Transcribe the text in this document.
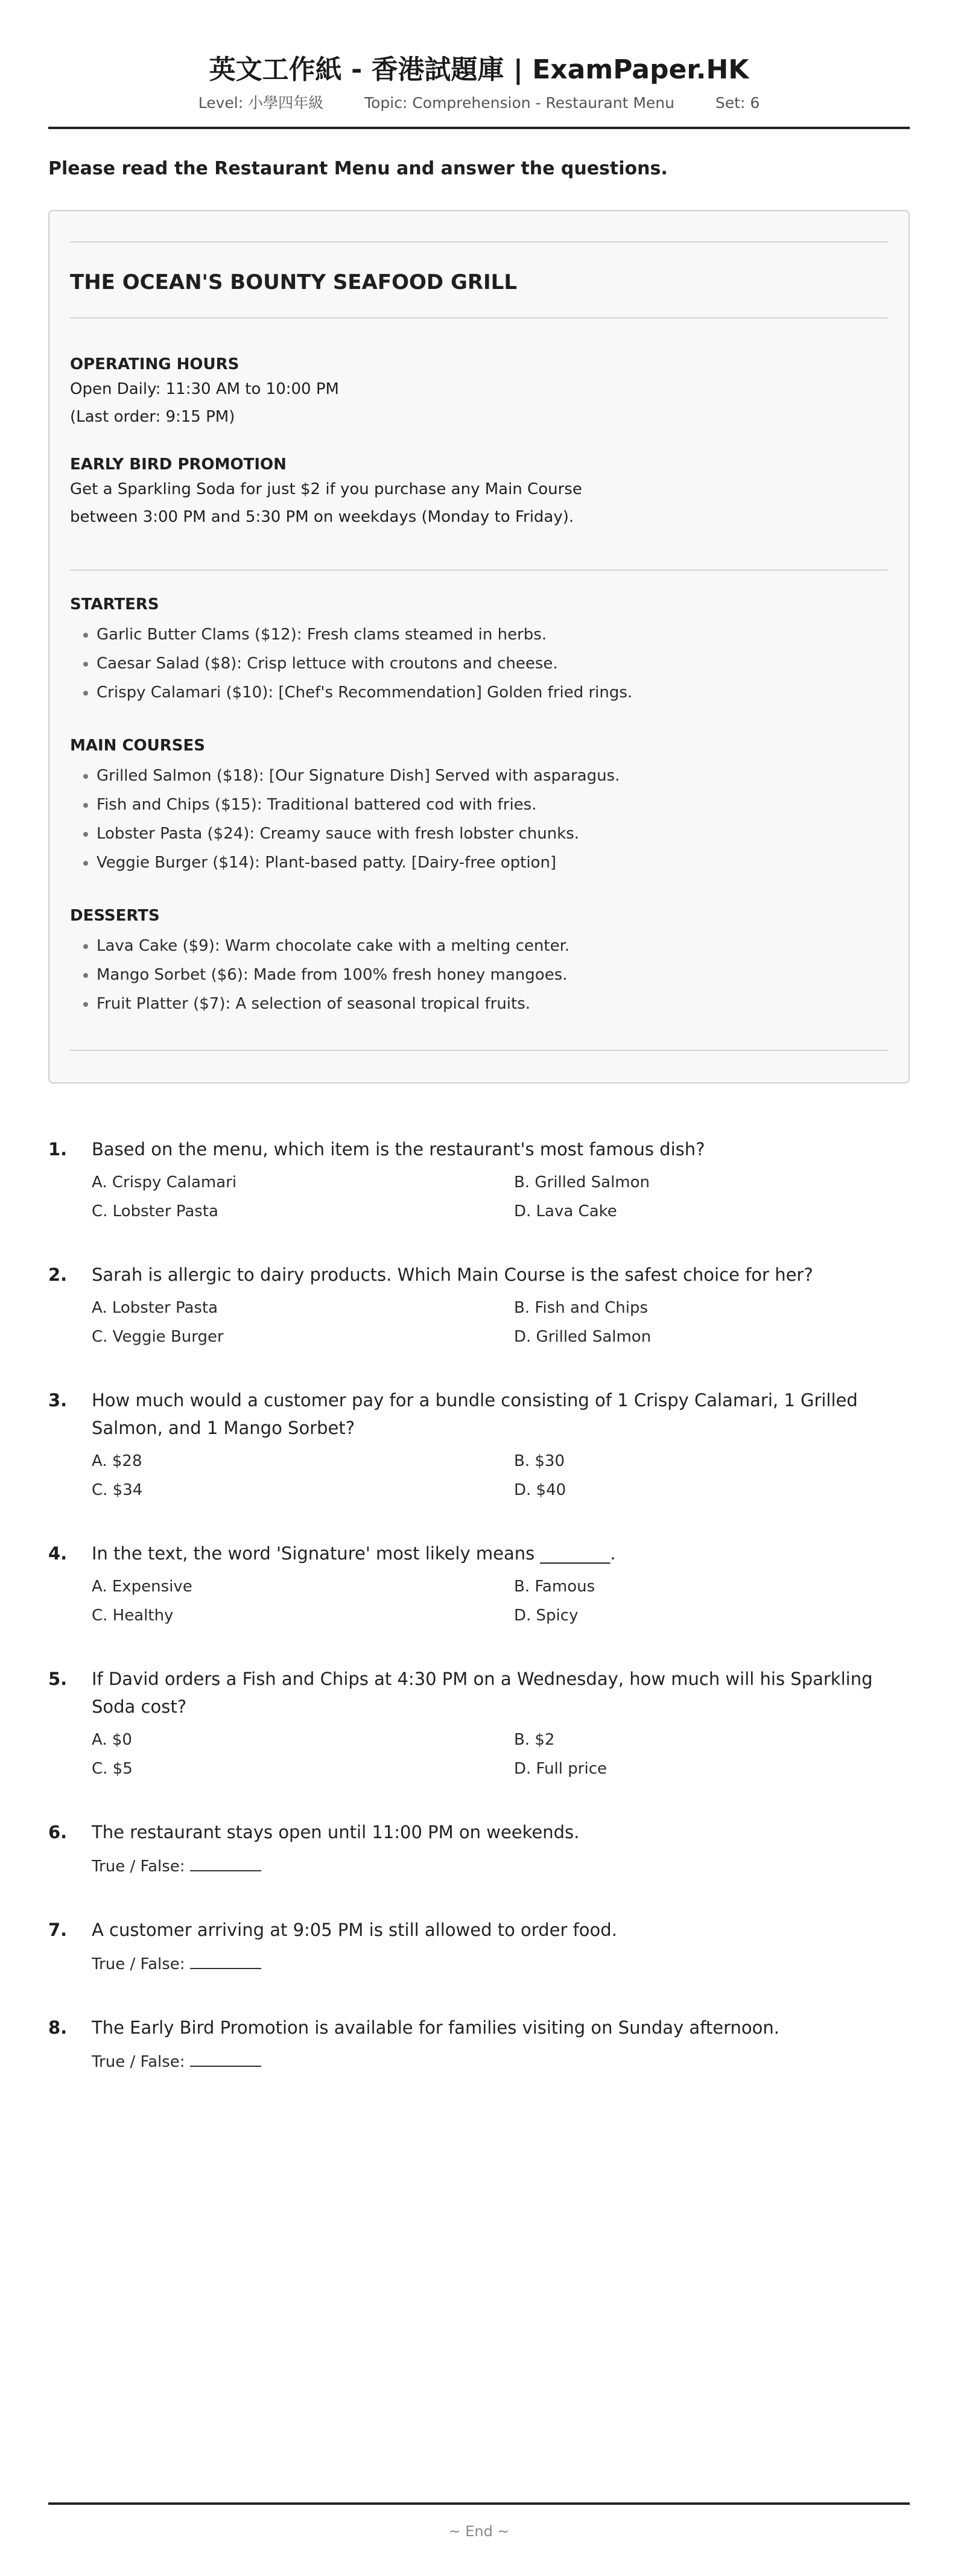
英文工作紙 - 香港試題庫 | ExamPaper.HK
Level: 小學四年級	Topic: Comprehension - Restaurant Menu	Set: 6
Please read the Restaurant Menu and answer the questions.
THE OCEAN'S BOUNTY SEAFOOD GRILL
OPERATING HOURS
Open Daily: 11:30 AM to 10:00 PM
(Last order: 9:15 PM)
EARLY BIRD PROMOTION
Get a Sparkling Soda for just $2 if you purchase any Main Course
between 3:00 PM and 5:30 PM on weekdays (Monday to Friday).
STARTERS
• Garlic Butter Clams ($12): Fresh clams steamed in herbs.
• Caesar Salad ($8): Crisp lettuce with croutons and cheese.
• Crispy Calamari ($10): [Chef's Recommendation] Golden fried rings.
MAIN COURSES
• Grilled Salmon ($18): [Our Signature Dish] Served with asparagus.
• Fish and Chips ($15): Traditional battered cod with fries.
• Lobster Pasta ($24): Creamy sauce with fresh lobster chunks.
• Veggie Burger ($14): Plant-based patty. [Dairy-free option]
DESSERTS
• Lava Cake ($9): Warm chocolate cake with a melting center.
• Mango Sorbet ($6): Made from 100% fresh honey mangoes.
• Fruit Platter ($7): A selection of seasonal tropical fruits.
1. Based on the menu, which item is the restaurant's most famous dish?
A. Crispy Calamari	B. Grilled Salmon
C. Lobster Pasta	D. Lava Cake
2. Sarah is allergic to dairy products. Which Main Course is the safest choice for her?
A. Lobster Pasta	B. Fish and Chips
C. Veggie Burger	D. Grilled Salmon
3. How much would a customer pay for a bundle consisting of 1 Crispy Calamari, 1 Grilled Salmon, and 1 Mango Sorbet?
A. $28	B. $30
C. $34	D. $40
4. In the text, the word 'Signature' most likely means ________.
A. Expensive	B. Famous
C. Healthy	D. Spicy
5. If David orders a Fish and Chips at 4:30 PM on a Wednesday, how much will his Sparkling Soda cost?
A. $0	B. $2
C. $5	D. Full price
6. The restaurant stays open until 11:00 PM on weekends.
True / False:
7. A customer arriving at 9:05 PM is still allowed to order food.
True / False:
8. The Early Bird Promotion is available for families visiting on Sunday afternoon.
True / False:
~ End ~
